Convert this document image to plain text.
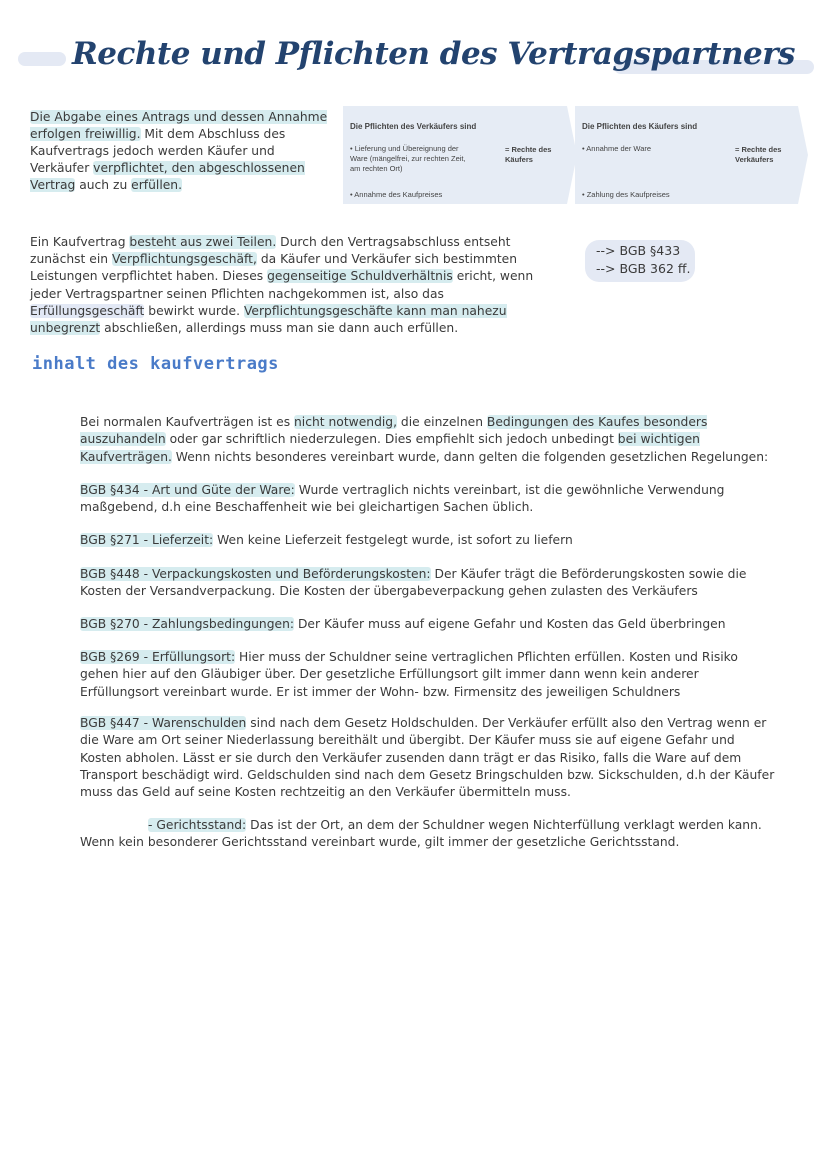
Rechte und Pflichten des Vertragspartners

Die Abgabe eines Antrags und dessen Annahme erfolgen freiwillig. Mit dem Abschluss des Kaufvertrags jedoch werden Käufer und Verkäufer verpflichtet, den abgeschlossenen Vertrag auch zu erfüllen.

Die Pflichten des Verkäufers sind
• Lieferung und Übereignung der Ware (mängelfrei, zur rechten Zeit, am rechten Ort)
• Annahme des Kaufpreises
= Rechte des Käufers
Die Pflichten des Käufers sind
• Annahme der Ware
• Zahlung des Kaufpreises
= Rechte des Verkäufers

Ein Kaufvertrag besteht aus zwei Teilen. Durch den Vertragsabschluss entseht zunächst ein Verpflichtungsgeschäft, da Käufer und Verkäufer sich bestimmten Leistungen verpflichtet haben. Dieses gegenseitige Schuldverhältnis ericht, wenn jeder Vertragspartner seinen Pflichten nachgekommen ist, also das Erfüllungsgeschäft bewirkt wurde. Verpflichtungsgeschäfte kann man nahezu unbegrenzt abschließen, allerdings muss man sie dann auch erfüllen.

--> BGB §433
--> BGB 362 ff.
inhalt des kaufvertrags

Bei normalen Kaufverträgen ist es nicht notwendig, die einzelnen Bedingungen des Kaufes besonders auszuhandeln oder gar schriftlich niederzulegen. Dies empfiehlt sich jedoch unbedingt bei wichtigen Kaufverträgen. Wenn nichts besonderes vereinbart wurde, dann gelten die folgenden gesetzlichen Regelungen:

BGB §434 - Art und Güte der Ware: Wurde vertraglich nichts vereinbart, ist die gewöhnliche Verwendung maßgebend, d.h eine Beschaffenheit wie bei gleichartigen Sachen üblich.

BGB §271 - Lieferzeit: Wen keine Lieferzeit festgelegt wurde, ist sofort zu liefern

BGB §448 - Verpackungskosten und Beförderungskosten: Der Käufer trägt die Beförderungskosten sowie die Kosten der Versandverpackung. Die Kosten der übergabeverpackung gehen zulasten des Verkäufers

BGB §270 - Zahlungsbedingungen: Der Käufer muss auf eigene Gefahr und Kosten das Geld überbringen

BGB §269 - Erfüllungsort: Hier muss der Schuldner seine vertraglichen Pflichten erfüllen. Kosten und Risiko gehen hier auf den Gläubiger über. Der gesetzliche Erfüllungsort gilt immer dann wenn kein anderer Erfüllungsort vereinbart wurde. Er ist immer der Wohn- bzw. Firmensitz des jeweiligen Schuldners

BGB §447 - Warenschulden sind nach dem Gesetz Holdschulden. Der Verkäufer erfüllt also den Vertrag wenn er die Ware am Ort seiner Niederlassung bereithält und übergibt. Der Käufer muss sie auf eigene Gefahr und Kosten abholen. Lässt er sie durch den Verkäufer zusenden dann trägt er das Risiko, falls die Ware auf dem Transport beschädigt wird. Geldschulden sind nach dem Gesetz Bringschulden bzw. Sickschulden, d.h der Käufer muss das Geld auf seine Kosten rechtzeitig an den Verkäufer übermitteln muss.

- Gerichtsstand: Das ist der Ort, an dem der Schuldner wegen Nichterfüllung verklagt werden kann. Wenn kein besonderer Gerichtsstand vereinbart wurde, gilt immer der gesetzliche Gerichtsstand.
